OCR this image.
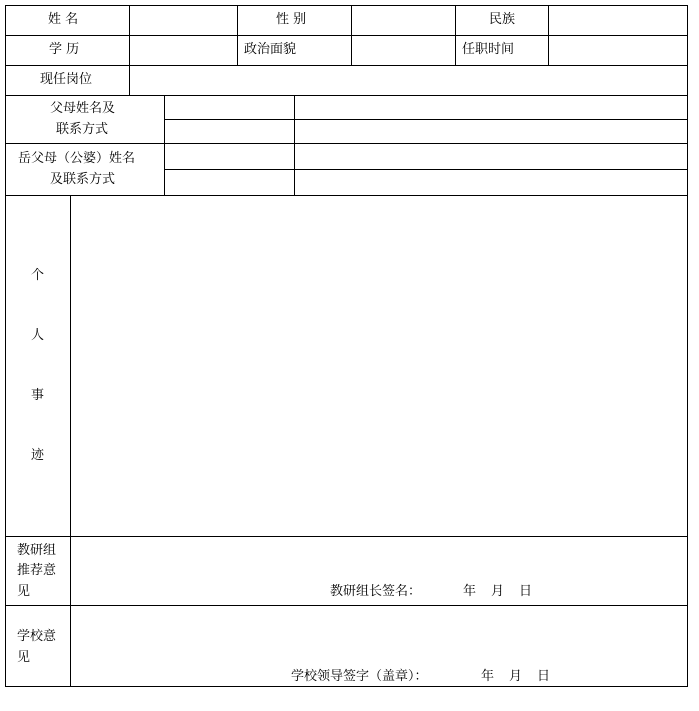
姓 名	性 别	民族
学 历	政治面貌	任职时间
现任岗位
父母姓名及
联系方式
岳父母（公婆）姓名
及联系方式
个
人
事
迹
教研组
推荐意
见	教研组长签名：	年 月 日
学校意
见
学校领导签字（盖章）：	年 月 日
